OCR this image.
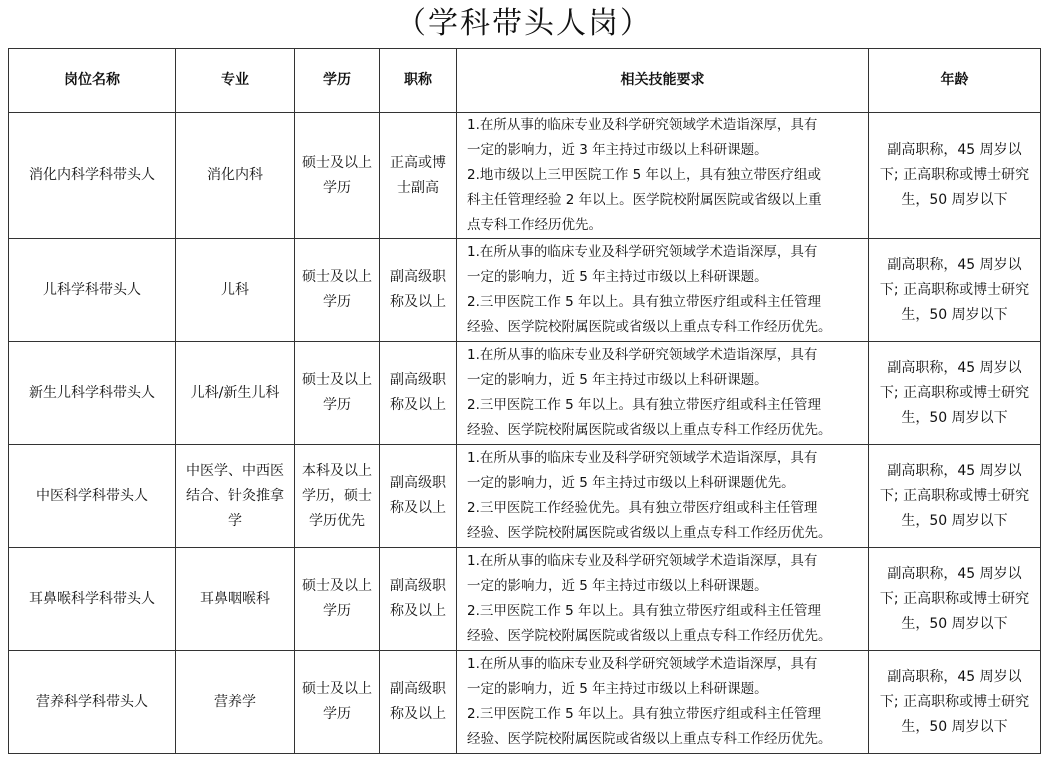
（学科带头人岗）
岗位名称	专业	学历	职称	相关技能要求	年龄
消化内科学科带头人	消化内科	硕士及以上学历	正高或博士副高	1.在所从事的临床专业及科学研究领域学术造诣深厚，具有
一定的影响力，近 3 年主持过市级以上科研课题。
2.地市级以上三甲医院工作 5 年以上，具有独立带医疗组或
科主任管理经验 2 年以上。医学院校附属医院或省级以上重
点专科工作经历优先。	副高职称，45 周岁以下; 正高职称或博士研究生，50 周岁以下
儿科学科带头人	儿科	硕士及以上学历	副高级职称及以上	1.在所从事的临床专业及科学研究领域学术造诣深厚，具有
一定的影响力，近 5 年主持过市级以上科研课题。
2.三甲医院工作 5 年以上。具有独立带医疗组或科主任管理
经验、医学院校附属医院或省级以上重点专科工作经历优先。	副高职称，45 周岁以下; 正高职称或博士研究生，50 周岁以下
新生儿科学科带头人	儿科/新生儿科	硕士及以上学历	副高级职称及以上	1.在所从事的临床专业及科学研究领域学术造诣深厚，具有
一定的影响力，近 5 年主持过市级以上科研课题。
2.三甲医院工作 5 年以上。具有独立带医疗组或科主任管理
经验、医学院校附属医院或省级以上重点专科工作经历优先。	副高职称，45 周岁以下; 正高职称或博士研究生，50 周岁以下
中医科学科带头人	中医学、中西医结合、针灸推拿学	本科及以上学历，硕士学历优先	副高级职称及以上	1.在所从事的临床专业及科学研究领域学术造诣深厚，具有
一定的影响力，近 5 年主持过市级以上科研课题优先。
2.三甲医院工作经验优先。具有独立带医疗组或科主任管理
经验、医学院校附属医院或省级以上重点专科工作经历优先。	副高职称，45 周岁以下; 正高职称或博士研究生，50 周岁以下
耳鼻喉科学科带头人	耳鼻咽喉科	硕士及以上学历	副高级职称及以上	1.在所从事的临床专业及科学研究领域学术造诣深厚，具有
一定的影响力，近 5 年主持过市级以上科研课题。
2.三甲医院工作 5 年以上。具有独立带医疗组或科主任管理
经验、医学院校附属医院或省级以上重点专科工作经历优先。	副高职称，45 周岁以下; 正高职称或博士研究生，50 周岁以下
营养科学科带头人	营养学	硕士及以上学历	副高级职称及以上	1.在所从事的临床专业及科学研究领域学术造诣深厚，具有
一定的影响力，近 5 年主持过市级以上科研课题。
2.三甲医院工作 5 年以上。具有独立带医疗组或科主任管理
经验、医学院校附属医院或省级以上重点专科工作经历优先。	副高职称，45 周岁以下; 正高职称或博士研究生，50 周岁以下
